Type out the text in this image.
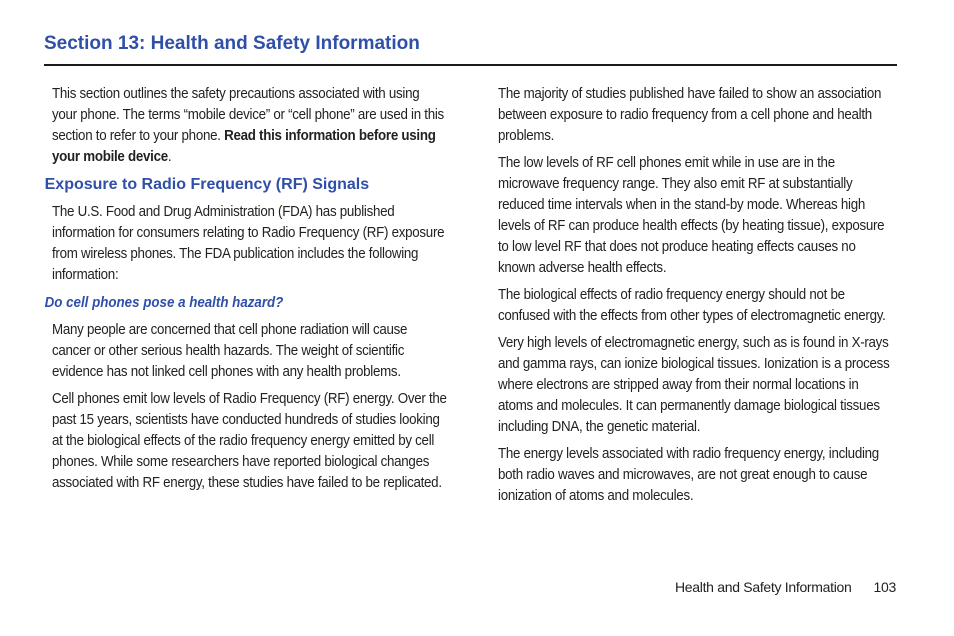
Section 13: Health and Safety Information

This section outlines the safety precautions associated with using your phone. The terms “mobile device” or “cell phone” are used in this section to refer to your phone. Read this information before using your mobile device.

Exposure to Radio Frequency (RF) Signals

The U.S. Food and Drug Administration (FDA) has published information for consumers relating to Radio Frequency (RF) exposure from wireless phones. The FDA publication includes the following information:

Do cell phones pose a health hazard?

Many people are concerned that cell phone radiation will cause cancer or other serious health hazards. The weight of scientific evidence has not linked cell phones with any health problems.

Cell phones emit low levels of Radio Frequency (RF) energy. Over the past 15 years, scientists have conducted hundreds of studies looking at the biological effects of the radio frequency energy emitted by cell phones. While some researchers have reported biological changes associated with RF energy, these studies have failed to be replicated.

The majority of studies published have failed to show an association between exposure to radio frequency from a cell phone and health problems.

The low levels of RF cell phones emit while in use are in the microwave frequency range. They also emit RF at substantially reduced time intervals when in the stand-by mode. Whereas high levels of RF can produce health effects (by heating tissue), exposure to low level RF that does not produce heating effects causes no known adverse health effects.

The biological effects of radio frequency energy should not be confused with the effects from other types of electromagnetic energy.

Very high levels of electromagnetic energy, such as is found in X-rays and gamma rays, can ionize biological tissues. Ionization is a process where electrons are stripped away from their normal locations in atoms and molecules. It can permanently damage biological tissues including DNA, the genetic material.

The energy levels associated with radio frequency energy, including both radio waves and microwaves, are not great enough to cause ionization of atoms and molecules.

Health and Safety Information 103
